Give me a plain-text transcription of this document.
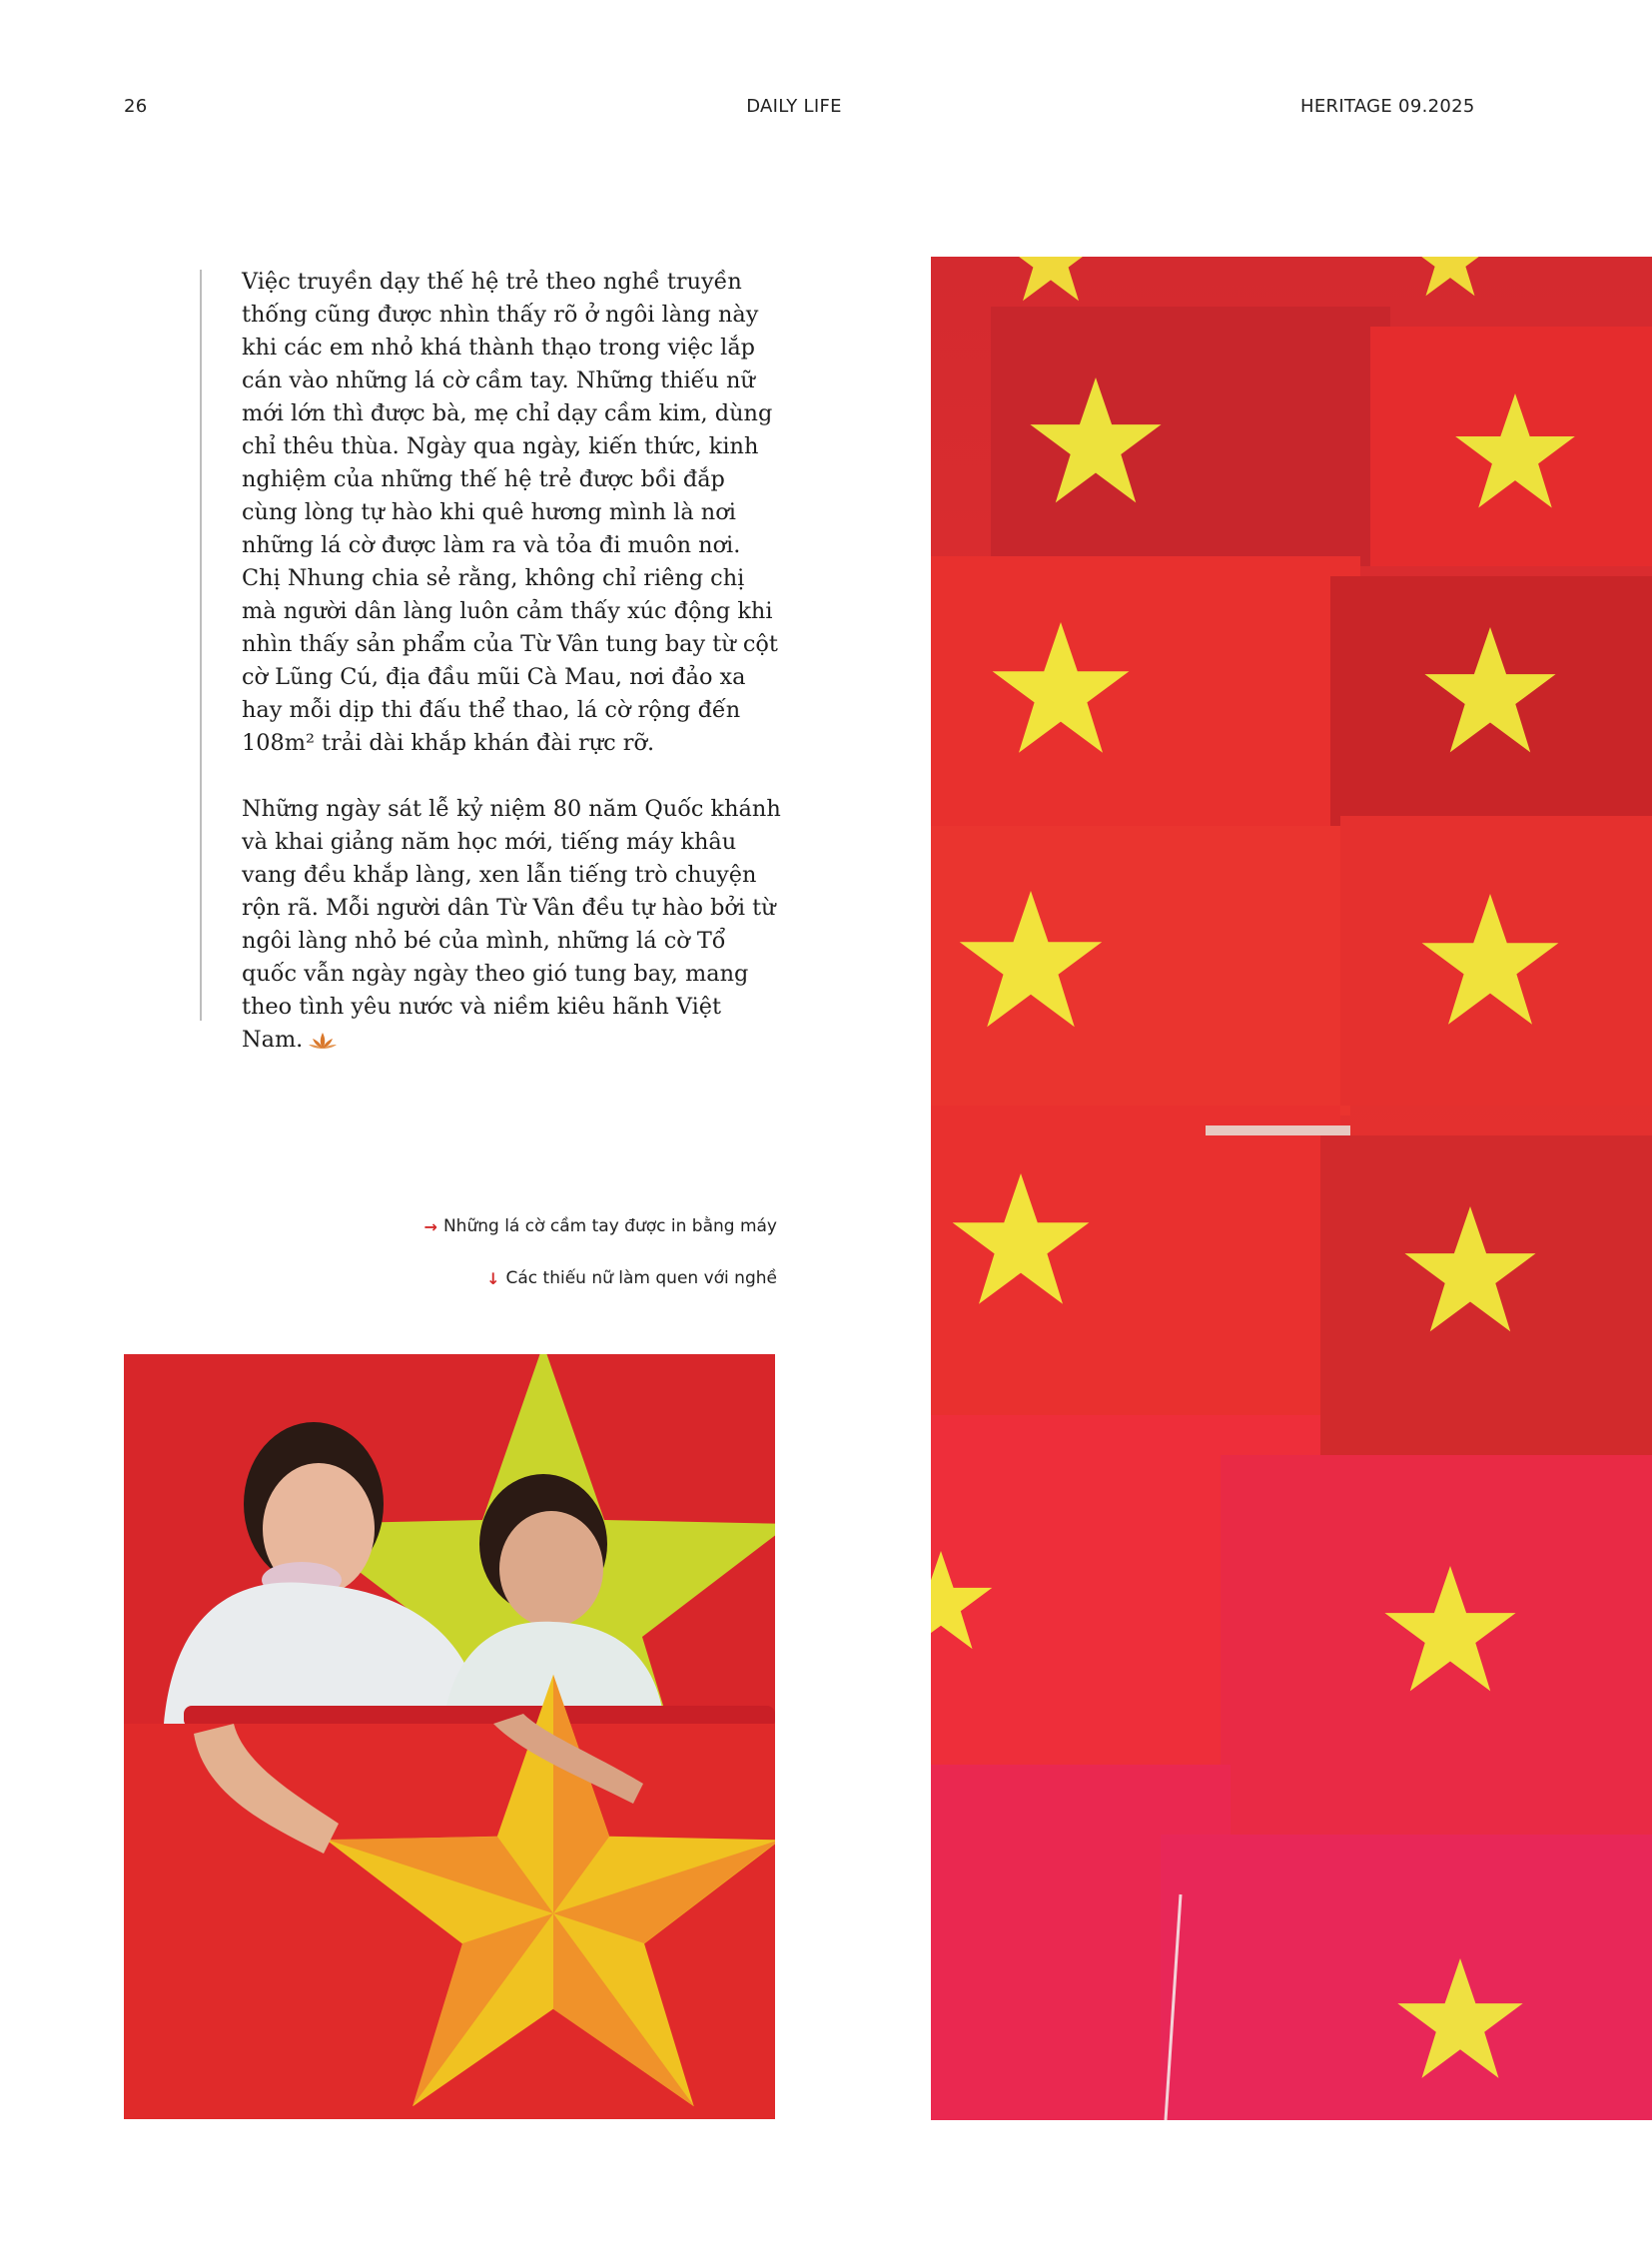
26	DAILY LIFE	HERITAGE 09.2025

Việc truyền dạy thế hệ trẻ theo nghề truyền thống cũng được nhìn thấy rõ ở ngôi làng này khi các em nhỏ khá thành thạo trong việc lắp cán vào những lá cờ cầm tay. Những thiếu nữ mới lớn thì được bà, mẹ chỉ dạy cầm kim, dùng chỉ thêu thùa. Ngày qua ngày, kiến thức, kinh nghiệm của những thế hệ trẻ được bồi đắp cùng lòng tự hào khi quê hương mình là nơi những lá cờ được làm ra và tỏa đi muôn nơi. Chị Nhung chia sẻ rằng, không chỉ riêng chị mà người dân làng luôn cảm thấy xúc động khi nhìn thấy sản phẩm của Từ Vân tung bay từ cột cờ Lũng Cú, địa đầu mũi Cà Mau, nơi đảo xa hay mỗi dịp thi đấu thể thao, lá cờ rộng đến 108m² trải dài khắp khán đài rực rỡ.

Những ngày sát lễ kỷ niệm 80 năm Quốc khánh và khai giảng năm học mới, tiếng máy khâu vang đều khắp làng, xen lẫn tiếng trò chuyện rộn rã. Mỗi người dân Từ Vân đều tự hào bởi từ ngôi làng nhỏ bé của mình, những lá cờ Tổ quốc vẫn ngày ngày theo gió tung bay, mang theo tình yêu nước và niềm kiêu hãnh Việt Nam.

→ Những lá cờ cầm tay được in bằng máy
↓ Các thiếu nữ làm quen với nghề
